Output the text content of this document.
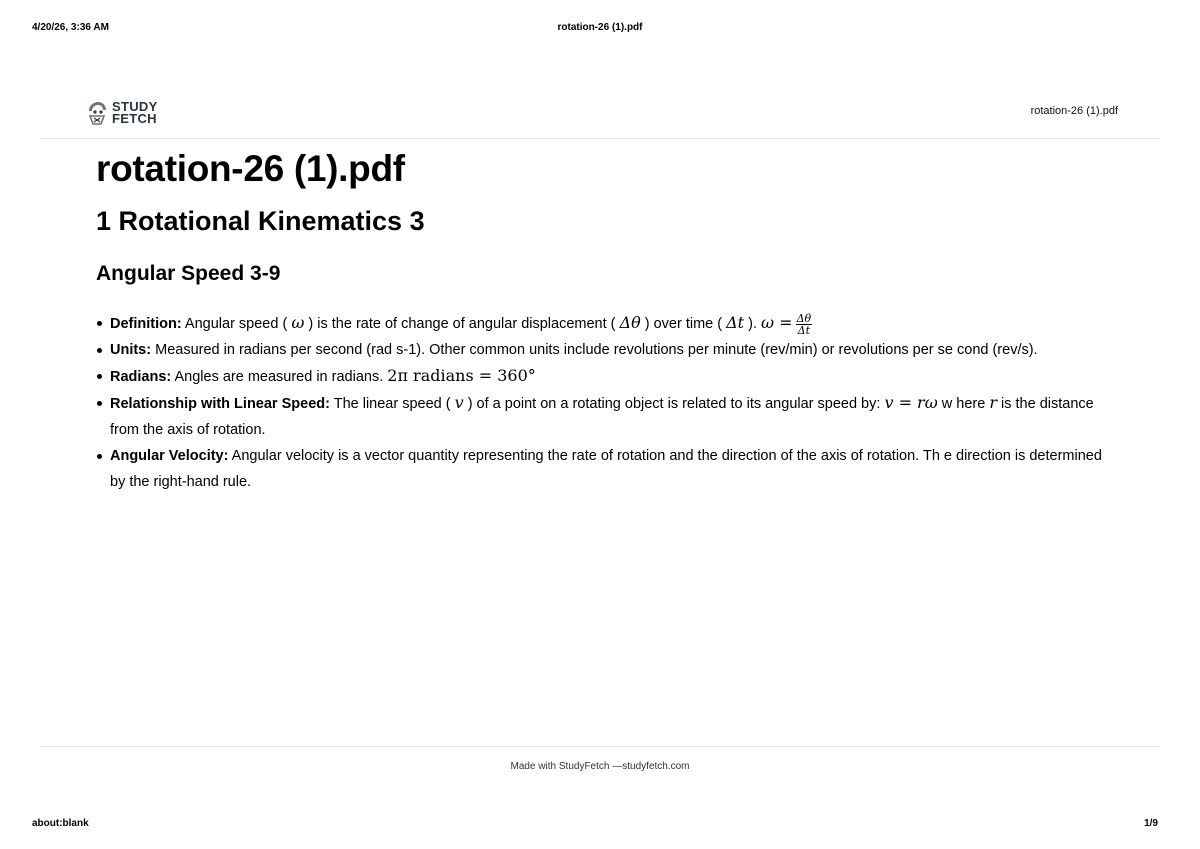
4/20/26, 3:36 AM	rotation-26 (1).pdf
STUDY
FETCH	rotation-26 (1).pdf
rotation-26 (1).pdf
1 Rotational Kinematics 3
Angular Speed 3-9
Definition: Angular speed ( ω ) is the rate of change of angular displacement ( Δθ ) over time ( Δt ). $\omega = \frac{\Delta\theta}{\Delta t}$
Units: Measured in radians per second (rad s-1). Other common units include revolutions per minute (rev/min) or revolutions per se cond (rev/s).
Radians: Angles are measured in radians. 2π radians = 360°
Relationship with Linear Speed: The linear speed ( v ) of a point on a rotating object is related to its angular speed by: v = rω w here r is the distance from the axis of rotation.
Angular Velocity: Angular velocity is a vector quantity representing the rate of rotation and the direction of the axis of rotation. Th e direction is determined by the right-hand rule.
Made with StudyFetch —studyfetch.com
about:blank	1/9
